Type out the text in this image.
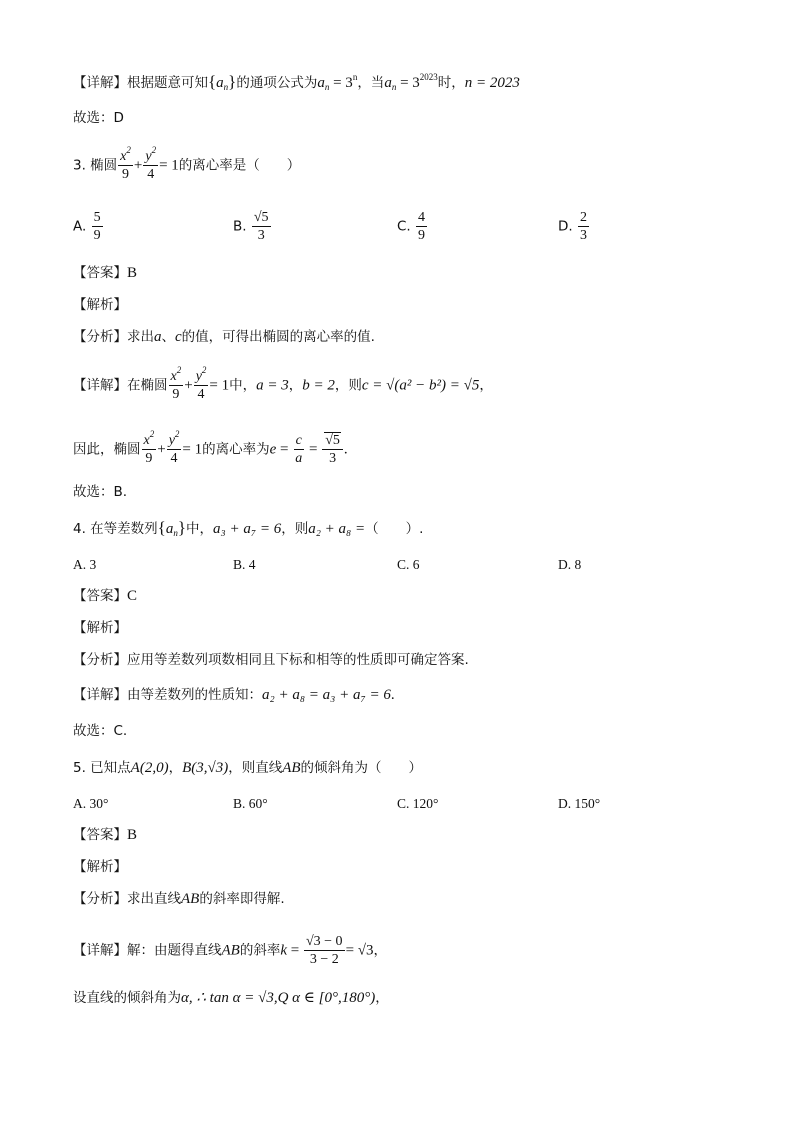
【详解】根据题意可知$\{a_n\}$的通项公式为$a_n = 3^n$，当$a_n = 3^{2023}$时，n = 2023
故选：D
3. 椭圆 $\frac{x^2}{9} + \frac{y^2}{4} = 1$的离心率是（　　）
A. $\frac{5}{9}$	B. $\frac{√5}{3}$	C. $\frac{4}{9}$	D. $\frac{2}{3}$
【答案】B
【解析】
【分析】求出a、c的值，可得出椭圆的离心率的值.
【详解】在椭圆 $\frac{x^2}{9} + \frac{y^2}{4} = 1$中，a = 3，b = 2，则c = √(a² − b²) = √5，
因此，椭圆 $\frac{x^2}{9} + \frac{y^2}{4} = 1$的离心率为$e = \frac{c}{a} = \frac{√5}{3}$ .
故选：B.
4. 在等差数列$\{a_n\}$中，a₃ + a₇ = 6，则a₂ + a₈ =（　　）.
A. 3	B. 4	C. 6	D. 8
【答案】C
【解析】
【分析】应用等差数列项数相同且下标和相等的性质即可确定答案.
【详解】由等差数列的性质知：a₂ + a₈ = a₃ + a₇ = 6.
故选：C.
5. 已知点A(2,0)，B(3,√3)，则直线AB的倾斜角为（　　）
A. 30°	B. 60°	C. 120°	D. 150°
【答案】B
【解析】
【分析】求出直线AB的斜率即得解.
【详解】解：由题得直线AB的斜率$k = \frac{√3 - 0}{3 - 2} = √3$，
设直线的倾斜角为α, ∴ tan α = √3,Q α ∈ [0°,180°)，
